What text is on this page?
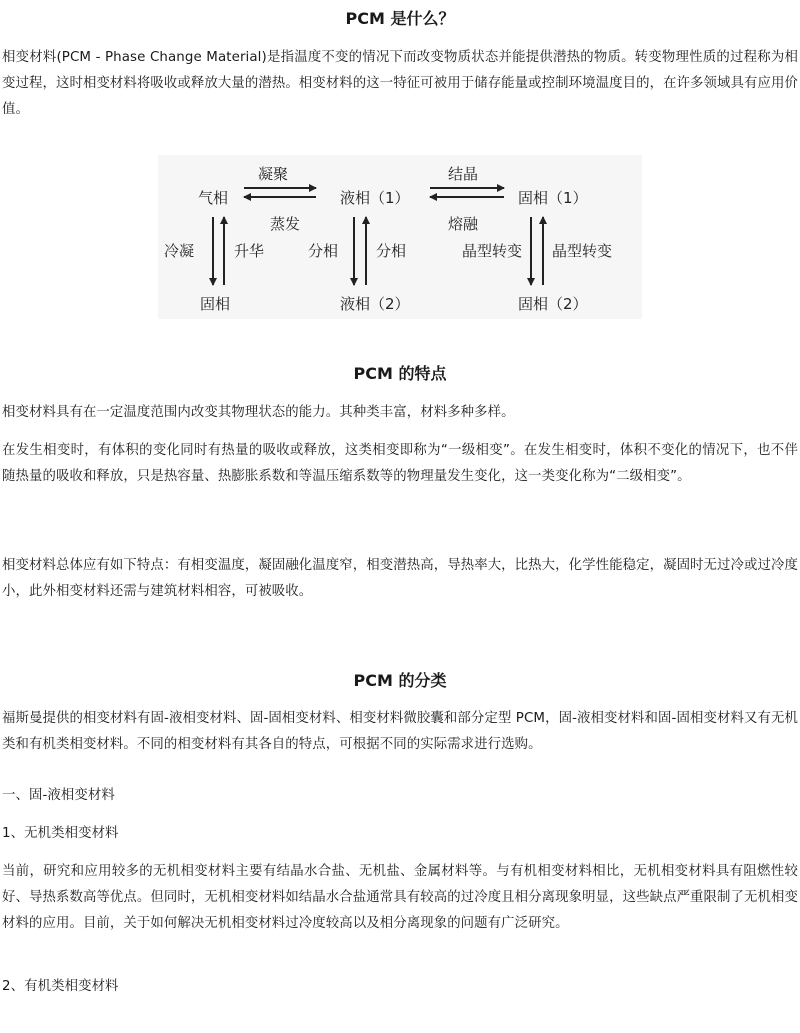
PCM 是什么？

相变材料(PCM - Phase Change Material)是指温度不变的情况下而改变物质状态并能提供潜热的物质。转变物理性质的过程称为相变过程，这时相变材料将吸收或释放大量的潜热。相变材料的这一特征可被用于储存能量或控制环境温度目的，在许多领域具有应用价值。

气相	液相（1）	固相（1）
凝聚
蒸发
结晶
熔融
冷凝	升华	分相	分相	晶型转变 晶型转变
固相	液相（2）	固相（2）
PCM 的特点

相变材料具有在一定温度范围内改变其物理状态的能力。其种类丰富，材料多种多样。

在发生相变时，有体积的变化同时有热量的吸收或释放，这类相变即称为“一级相变”。在发生相变时，体积不变化的情况下，也不伴随热量的吸收和释放，只是热容量、热膨胀系数和等温压缩系数等的物理量发生变化，这一类变化称为“二级相变”。

相变材料总体应有如下特点：有相变温度，凝固融化温度窄，相变潜热高，导热率大，比热大，化学性能稳定，凝固时无过冷或过冷度小，此外相变材料还需与建筑材料相容，可被吸收。

PCM 的分类

福斯曼提供的相变材料有固-液相变材料、固-固相变材料、相变材料微胶囊和部分定型 PCM，固-液相变材料和固-固相变材料又有无机类和有机类相变材料。不同的相变材料有其各自的特点，可根据不同的实际需求进行选购。

一、固-液相变材料

1、无机类相变材料

当前，研究和应用较多的无机相变材料主要有结晶水合盐、无机盐、金属材料等。与有机相变材料相比，无机相变材料具有阻燃性较好、导热系数高等优点。但同时，无机相变材料如结晶水合盐通常具有较高的过冷度且相分离现象明显，这些缺点严重限制了无机相变材料的应用。目前，关于如何解决无机相变材料过冷度较高以及相分离现象的问题有广泛研究。

2、有机类相变材料
